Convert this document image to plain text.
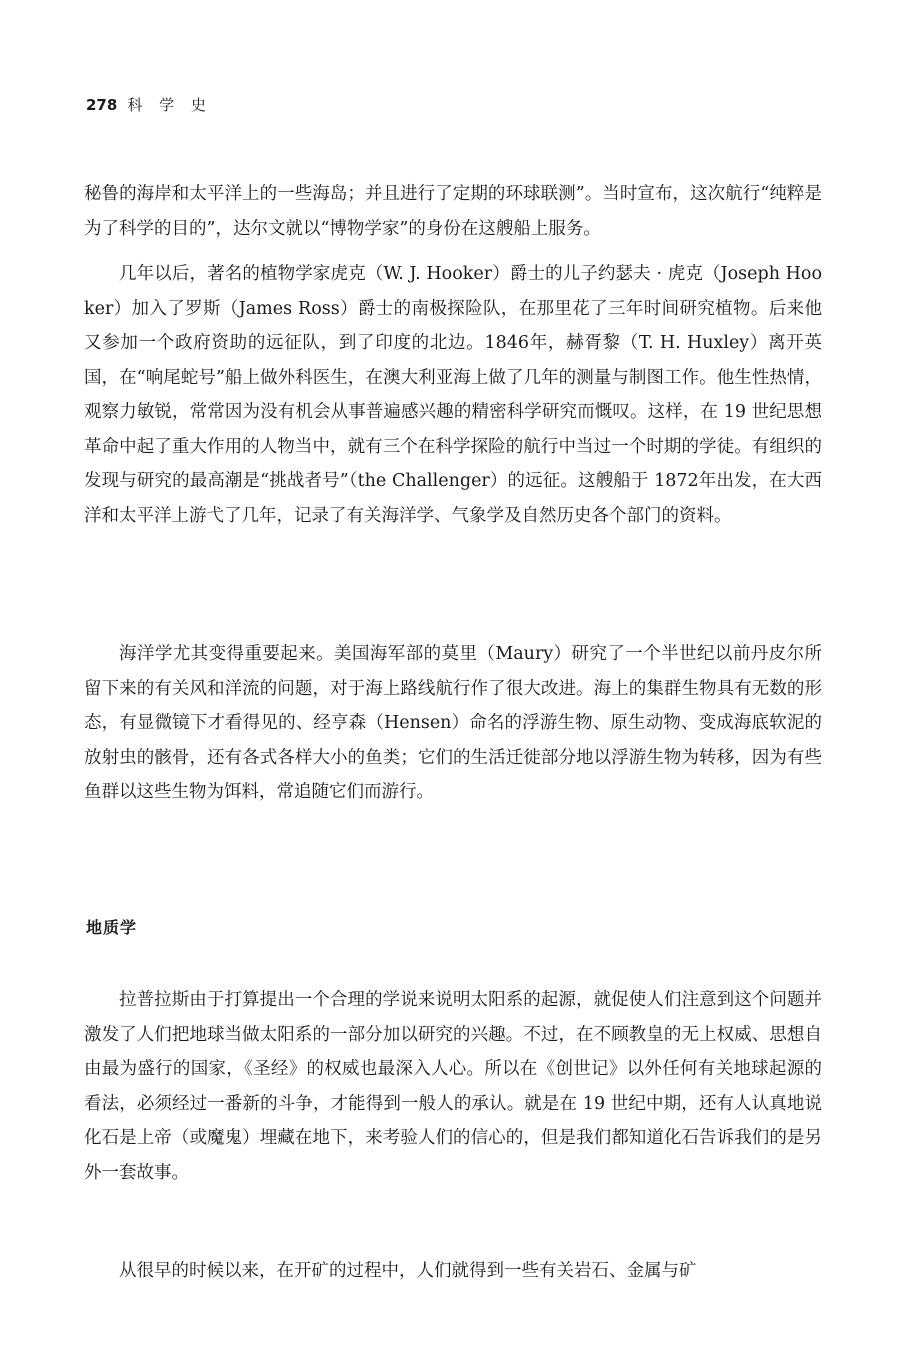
278 科 学 史

秘鲁的海岸和太平洋上的一些海岛；并且进行了定期的环球联测”。当时宣布，这次航行“纯粹是为了科学的目的”，达尔文就以“博物学家”的身份在这艘船上服务。

几年以后，著名的植物学家虎克（W. J. Hooker）爵士的儿子约瑟夫 · 虎克（Joseph Hooker）加入了罗斯（James Ross）爵士的南极探险队，在那里花了三年时间研究植物。后来他又参加一个政府资助的远征队，到了印度的北边。1846年，赫胥黎（T. H. Huxley）离开英国，在“响尾蛇号”船上做外科医生，在澳大利亚海上做了几年的测量与制图工作。他生性热情，观察力敏锐，常常因为没有机会从事普遍感兴趣的精密科学研究而慨叹。这样，在 19 世纪思想革命中起了重大作用的人物当中，就有三个在科学探险的航行中当过一个时期的学徒。有组织的发现与研究的最高潮是“挑战者号”（the Challenger）的远征。这艘船于 1872年出发，在大西洋和太平洋上游弋了几年，记录了有关海洋学、气象学及自然历史各个部门的资料。

海洋学尤其变得重要起来。美国海军部的莫里（Maury）研究了一个半世纪以前丹皮尔所留下来的有关风和洋流的问题，对于海上路线航行作了很大改进。海上的集群生物具有无数的形态，有显微镜下才看得见的、经亨森（Hensen）命名的浮游生物、原生动物、变成海底软泥的放射虫的骸骨，还有各式各样大小的鱼类；它们的生活迁徙部分地以浮游生物为转移，因为有些鱼群以这些生物为饵料，常追随它们而游行。

地质学

拉普拉斯由于打算提出一个合理的学说来说明太阳系的起源，就促使人们注意到这个问题并激发了人们把地球当做太阳系的一部分加以研究的兴趣。不过，在不顾教皇的无上权威、思想自由最为盛行的国家，《圣经》的权威也最深入人心。所以在《创世记》以外任何有关地球起源的看法，必须经过一番新的斗争，才能得到一般人的承认。就是在 19 世纪中期，还有人认真地说化石是上帝（或魔鬼）埋藏在地下，来考验人们的信心的，但是我们都知道化石告诉我们的是另外一套故事。

从很早的时候以来，在开矿的过程中，人们就得到一些有关岩石、金属与矿
